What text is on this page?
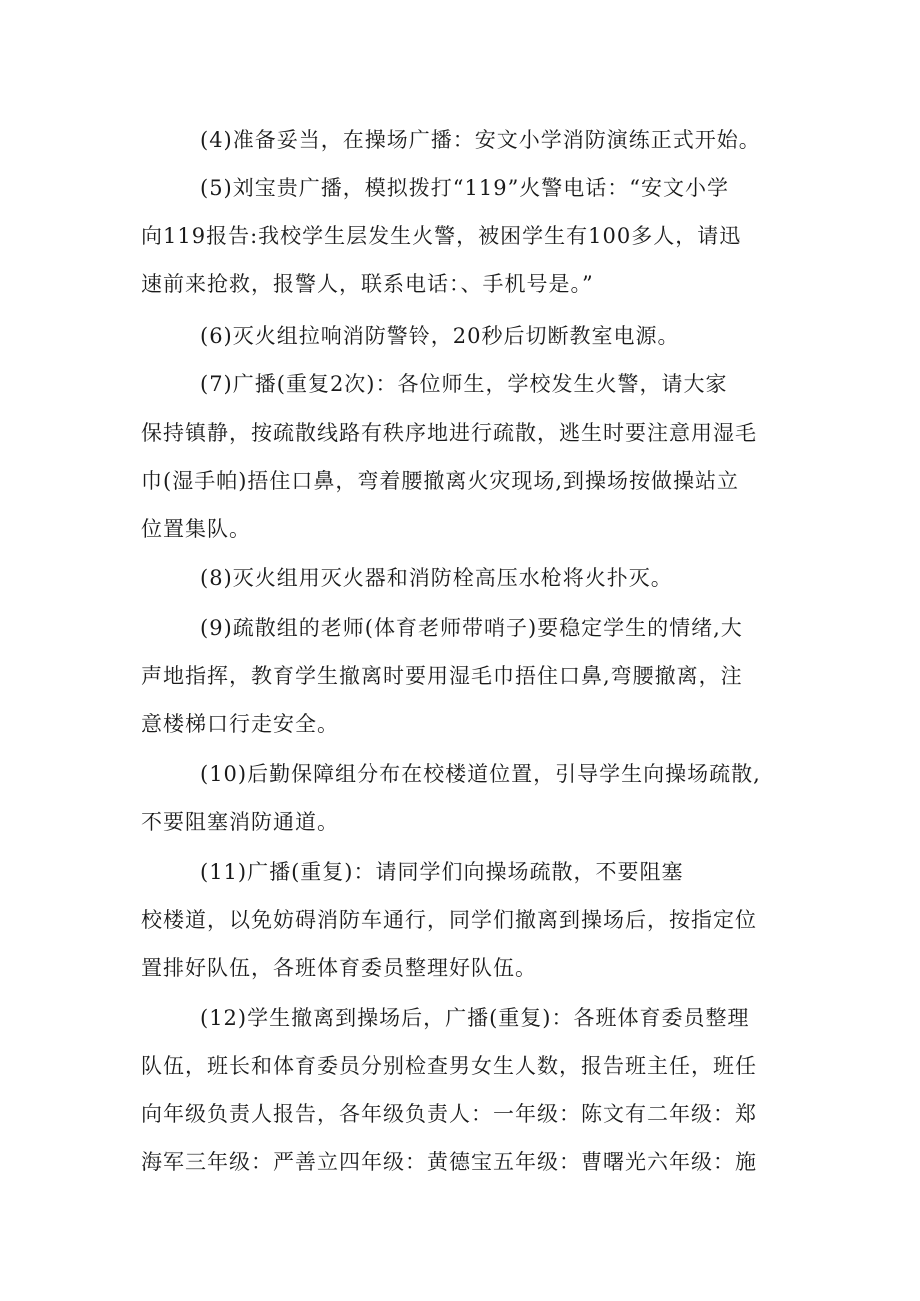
(4)准备妥当，在操场广播：安文小学消防演练正式开始。
(5)刘宝贵广播，模拟拨打“119”火警电话：“安文小学
向119报告:我校学生层发生火警，被困学生有100多人，请迅
速前来抢救，报警人，联系电话：、手机号是。”
(6)灭火组拉响消防警铃，20秒后切断教室电源。
(7)广播(重复2次)：各位师生，学校发生火警，请大家
保持镇静，按疏散线路有秩序地进行疏散，逃生时要注意用湿毛
巾(湿手帕)捂住口鼻，弯着腰撤离火灾现场,到操场按做操站立
位置集队。
(8)灭火组用灭火器和消防栓高压水枪将火扑灭。
(9)疏散组的老师(体育老师带哨子)要稳定学生的情绪,大
声地指挥，教育学生撤离时要用湿毛巾捂住口鼻,弯腰撤离，注
意楼梯口行走安全。
(10)后勤保障组分布在校楼道位置，引导学生向操场疏散,
不要阻塞消防通道。
(11)广播(重复)：请同学们向操场疏散，不要阻塞
校楼道，以免妨碍消防车通行，同学们撤离到操场后，按指定位
置排好队伍，各班体育委员整理好队伍。
(12)学生撤离到操场后，广播(重复)：各班体育委员整理
队伍，班长和体育委员分别检查男女生人数，报告班主任，班任
向年级负责人报告，各年级负责人：一年级：陈文有二年级：郑
海军三年级：严善立四年级：黄德宝五年级：曹曙光六年级：施
